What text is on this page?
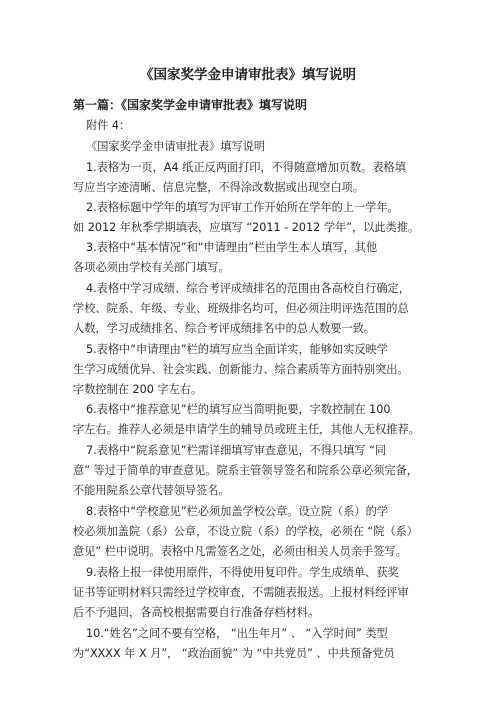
《国家奖学金申请审批表》填写说明
第一篇：《国家奖学金申请审批表》填写说明
附件 4：
《国家奖学金申请审批表》填写说明
1.表格为一页，A4 纸正反两面打印，不得随意增加页数。表格填
写应当字迹清晰、信息完整，不得涂改数据或出现空白项。
2.表格标题中学年的填写为评审工作开始所在学年的上一学年。
如 2012 年秋季学期填表，应填写 “2011 - 2012 学年”，以此类推。
3.表格中“基本情况”和“申请理由”栏由学生本人填写，其他
各项必须由学校有关部门填写。
4.表格中学习成绩、综合考评成绩排名的范围由各高校自行确定，
学校、院系、年级、专业、班级排名均可，但必须注明评选范围的总
人数，学习成绩排名、综合考评成绩排名中的总人数要一致。
5.表格中“申请理由”栏的填写应当全面详实，能够如实反映学
生学习成绩优异、社会实践、创新能力、综合素质等方面特别突出。
字数控制在 200 字左右。
6.表格中“推荐意见”栏的填写应当简明扼要，字数控制在 100
字左右。推荐人必须是申请学生的辅导员或班主任，其他人无权推荐。
7.表格中“院系意见”栏需详细填写审查意见，不得只填写 “同
意” 等过于简单的审查意见。院系主管领导签名和院系公章必须完备，
不能用院系公章代替领导签名。
8.表格中“学校意见”栏必须加盖学校公章。设立院（系）的学
校必须加盖院（系）公章，不设立院（系）的学校，必须在 “院（系）
意见” 栏中说明。表格中凡需签名之处，必须由相关人员亲手签写。
9.表格上报一律使用原件，不得使用复印件。学生成绩单、获奖
证书等证明材料只需经过学校审查，不需随表报送。上报材料经评审
后不予退回，各高校根据需要自行准备存档材料。
10.“姓名”之间不要有空格， “出生年月” 、 “入学时间” 类型
为“XXXX 年 X 月”， “政治面貌” 为 “中共党员” 、中共预备党员
